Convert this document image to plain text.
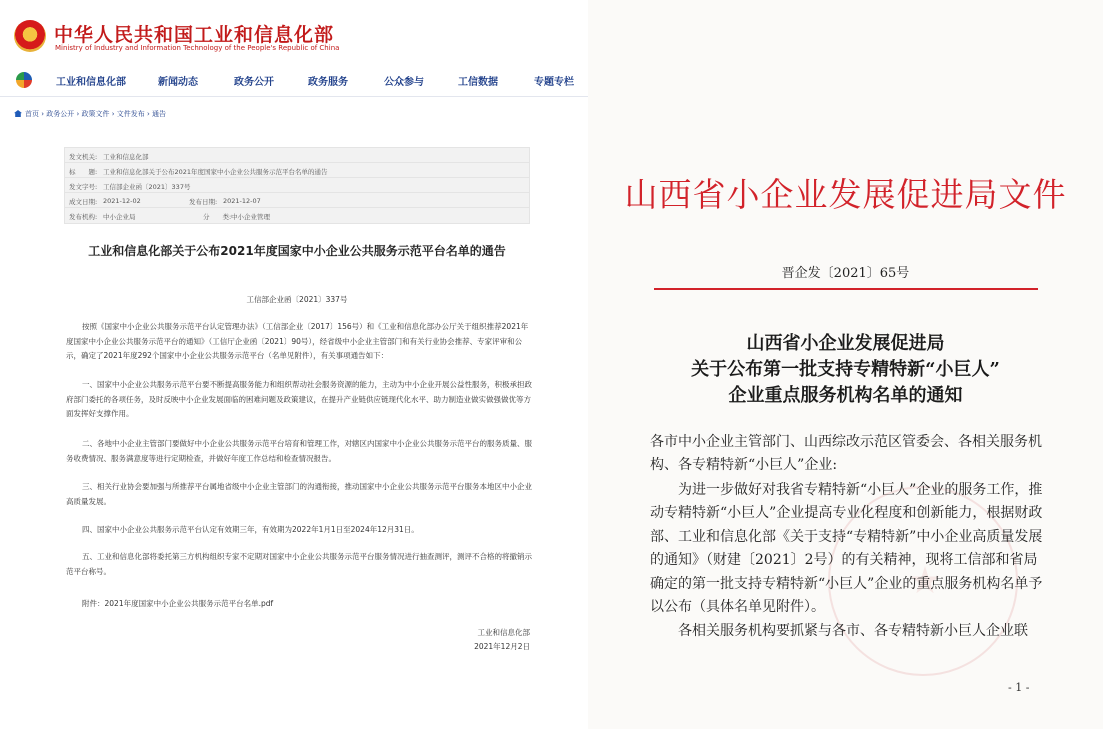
中华人民共和国工业和信息化部
Ministry of Industry and Information Technology of the People's Republic of China
工业和信息化部	新闻动态	政务公开	政务服务	公众参与	工信数据	专题专栏
首页 › 政务公开 › 政策文件 › 文件发布 › 通告
发文机关: 工业和信息化部
标　　题: 工业和信息化部关于公布2021年度国家中小企业公共服务示范平台名单的通告
发文字号: 工信部企业函〔2021〕337号
成文日期: 2021-12-02	发布日期: 2021-12-07
发布机构: 中小企业局	分　　类: 中小企业管理
工业和信息化部关于公布2021年度国家中小企业公共服务示范平台名单的通告
工信部企业函〔2021〕337号
按照《国家中小企业公共服务示范平台认定管理办法》（工信部企业〔2017〕156号）和《工业和信息化部办公厅关于组织推荐2021年度国家中小企业公共服务示范平台的通知》（工信厅企业函〔2021〕90号），经省级中小企业主管部门和有关行业协会推荐、专家评审和公示，确定了2021年度292个国家中小企业公共服务示范平台（名单见附件），有关事项通告如下：
一、国家中小企业公共服务示范平台要不断提高服务能力和组织帮动社会服务资源的能力，主动为中小企业开展公益性服务，积极承担政府部门委托的各项任务，及时反映中小企业发展面临的困难问题及政策建议，在提升产业链供应链现代化水平、助力制造业做实做强做优等方面发挥好支撑作用。
二、各地中小企业主管部门要做好中小企业公共服务示范平台培育和管理工作，对辖区内国家中小企业公共服务示范平台的服务质量、服务收费情况、服务满意度等进行定期检查，并做好年度工作总结和检查情况报告。
三、相关行业协会要加强与所推荐平台属地省级中小企业主管部门的沟通衔接，推动国家中小企业公共服务示范平台服务本地区中小企业高质量发展。
四、国家中小企业公共服务示范平台认定有效期三年，有效期为2022年1月1日至2024年12月31日。
五、工业和信息化部将委托第三方机构组织专家不定期对国家中小企业公共服务示范平台服务情况进行抽查测评，测评不合格的将撤销示范平台称号。
附件：2021年度国家中小企业公共服务示范平台名单.pdf
工业和信息化部
2021年12月2日
山西省小企业发展促进局文件
晋企发〔2021〕65号
山西省小企业发展促进局
关于公布第一批支持专精特新“小巨人”
企业重点服务机构名单的通知
各市中小企业主管部门、山西综改示范区管委会、各相关服务机构、各专精特新“小巨人”企业:
为进一步做好对我省专精特新“小巨人”企业的服务工作，推动专精特新“小巨人”企业提高专业化程度和创新能力，根据财政部、工业和信息化部《关于支持“专精特新”中小企业高质量发展的通知》（财建〔2021〕2号）的有关精神，现将工信部和省局确定的第一批支持专精特新“小巨人”企业的重点服务机构名单予以公布（具体名单见附件）。
各相关服务机构要抓紧与各市、各专精特新小巨人企业联
- 1 -
